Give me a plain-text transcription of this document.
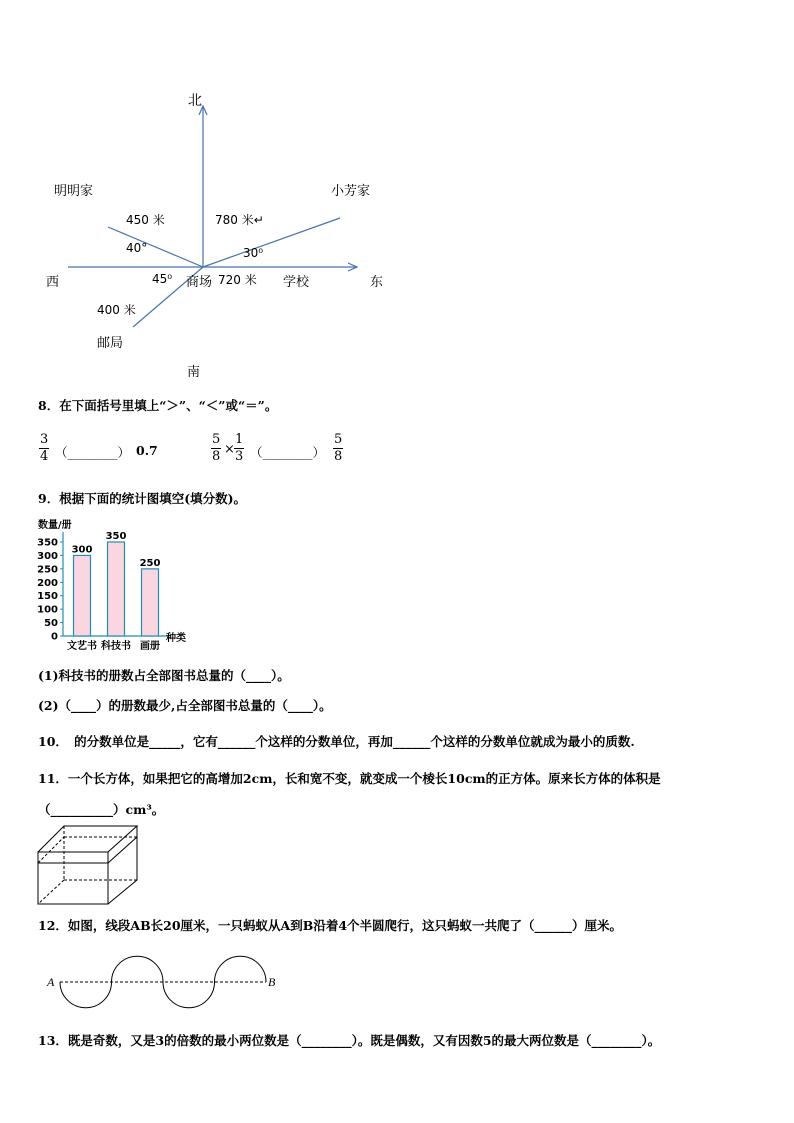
北
明明家	小芳家
450 米	780 米↵
40°	30⁰
西	45⁰ 商场 720 米 学校	东
400 米
邮局
南
8．在下面括号里填上“＞”、“＜”或“＝”。
$\frac{3}{4}$ （________） 0.7	$\frac{5}{8} \times \frac{1}{3}$ （________） $\frac{5}{8}$
9．根据下面的统计图填空(填分数)。
数量/册
0
50
100
150
200
250
300
350
300
文艺书
350
科技书
250
画册
种类
(1)科技书的册数占全部图书总量的（____）。
(2)（____）的册数最少,占全部图书总量的（____）。
10．　的分数单位是_____，它有______个这样的分数单位，再加______个这样的分数单位就成为最小的质数.
11．一个长方体，如果把它的高增加2cm，长和宽不变，就变成一个棱长10cm的正方体。原来长方体的体积是
（__________）cm³。
12．如图，线段AB长20厘米，一只蚂蚁从A到B沿着4个半圆爬行，这只蚂蚁一共爬了（______）厘米。
A	B
13．既是奇数，又是3的倍数的最小两位数是（________）。既是偶数，又有因数5的最大两位数是（________）。
